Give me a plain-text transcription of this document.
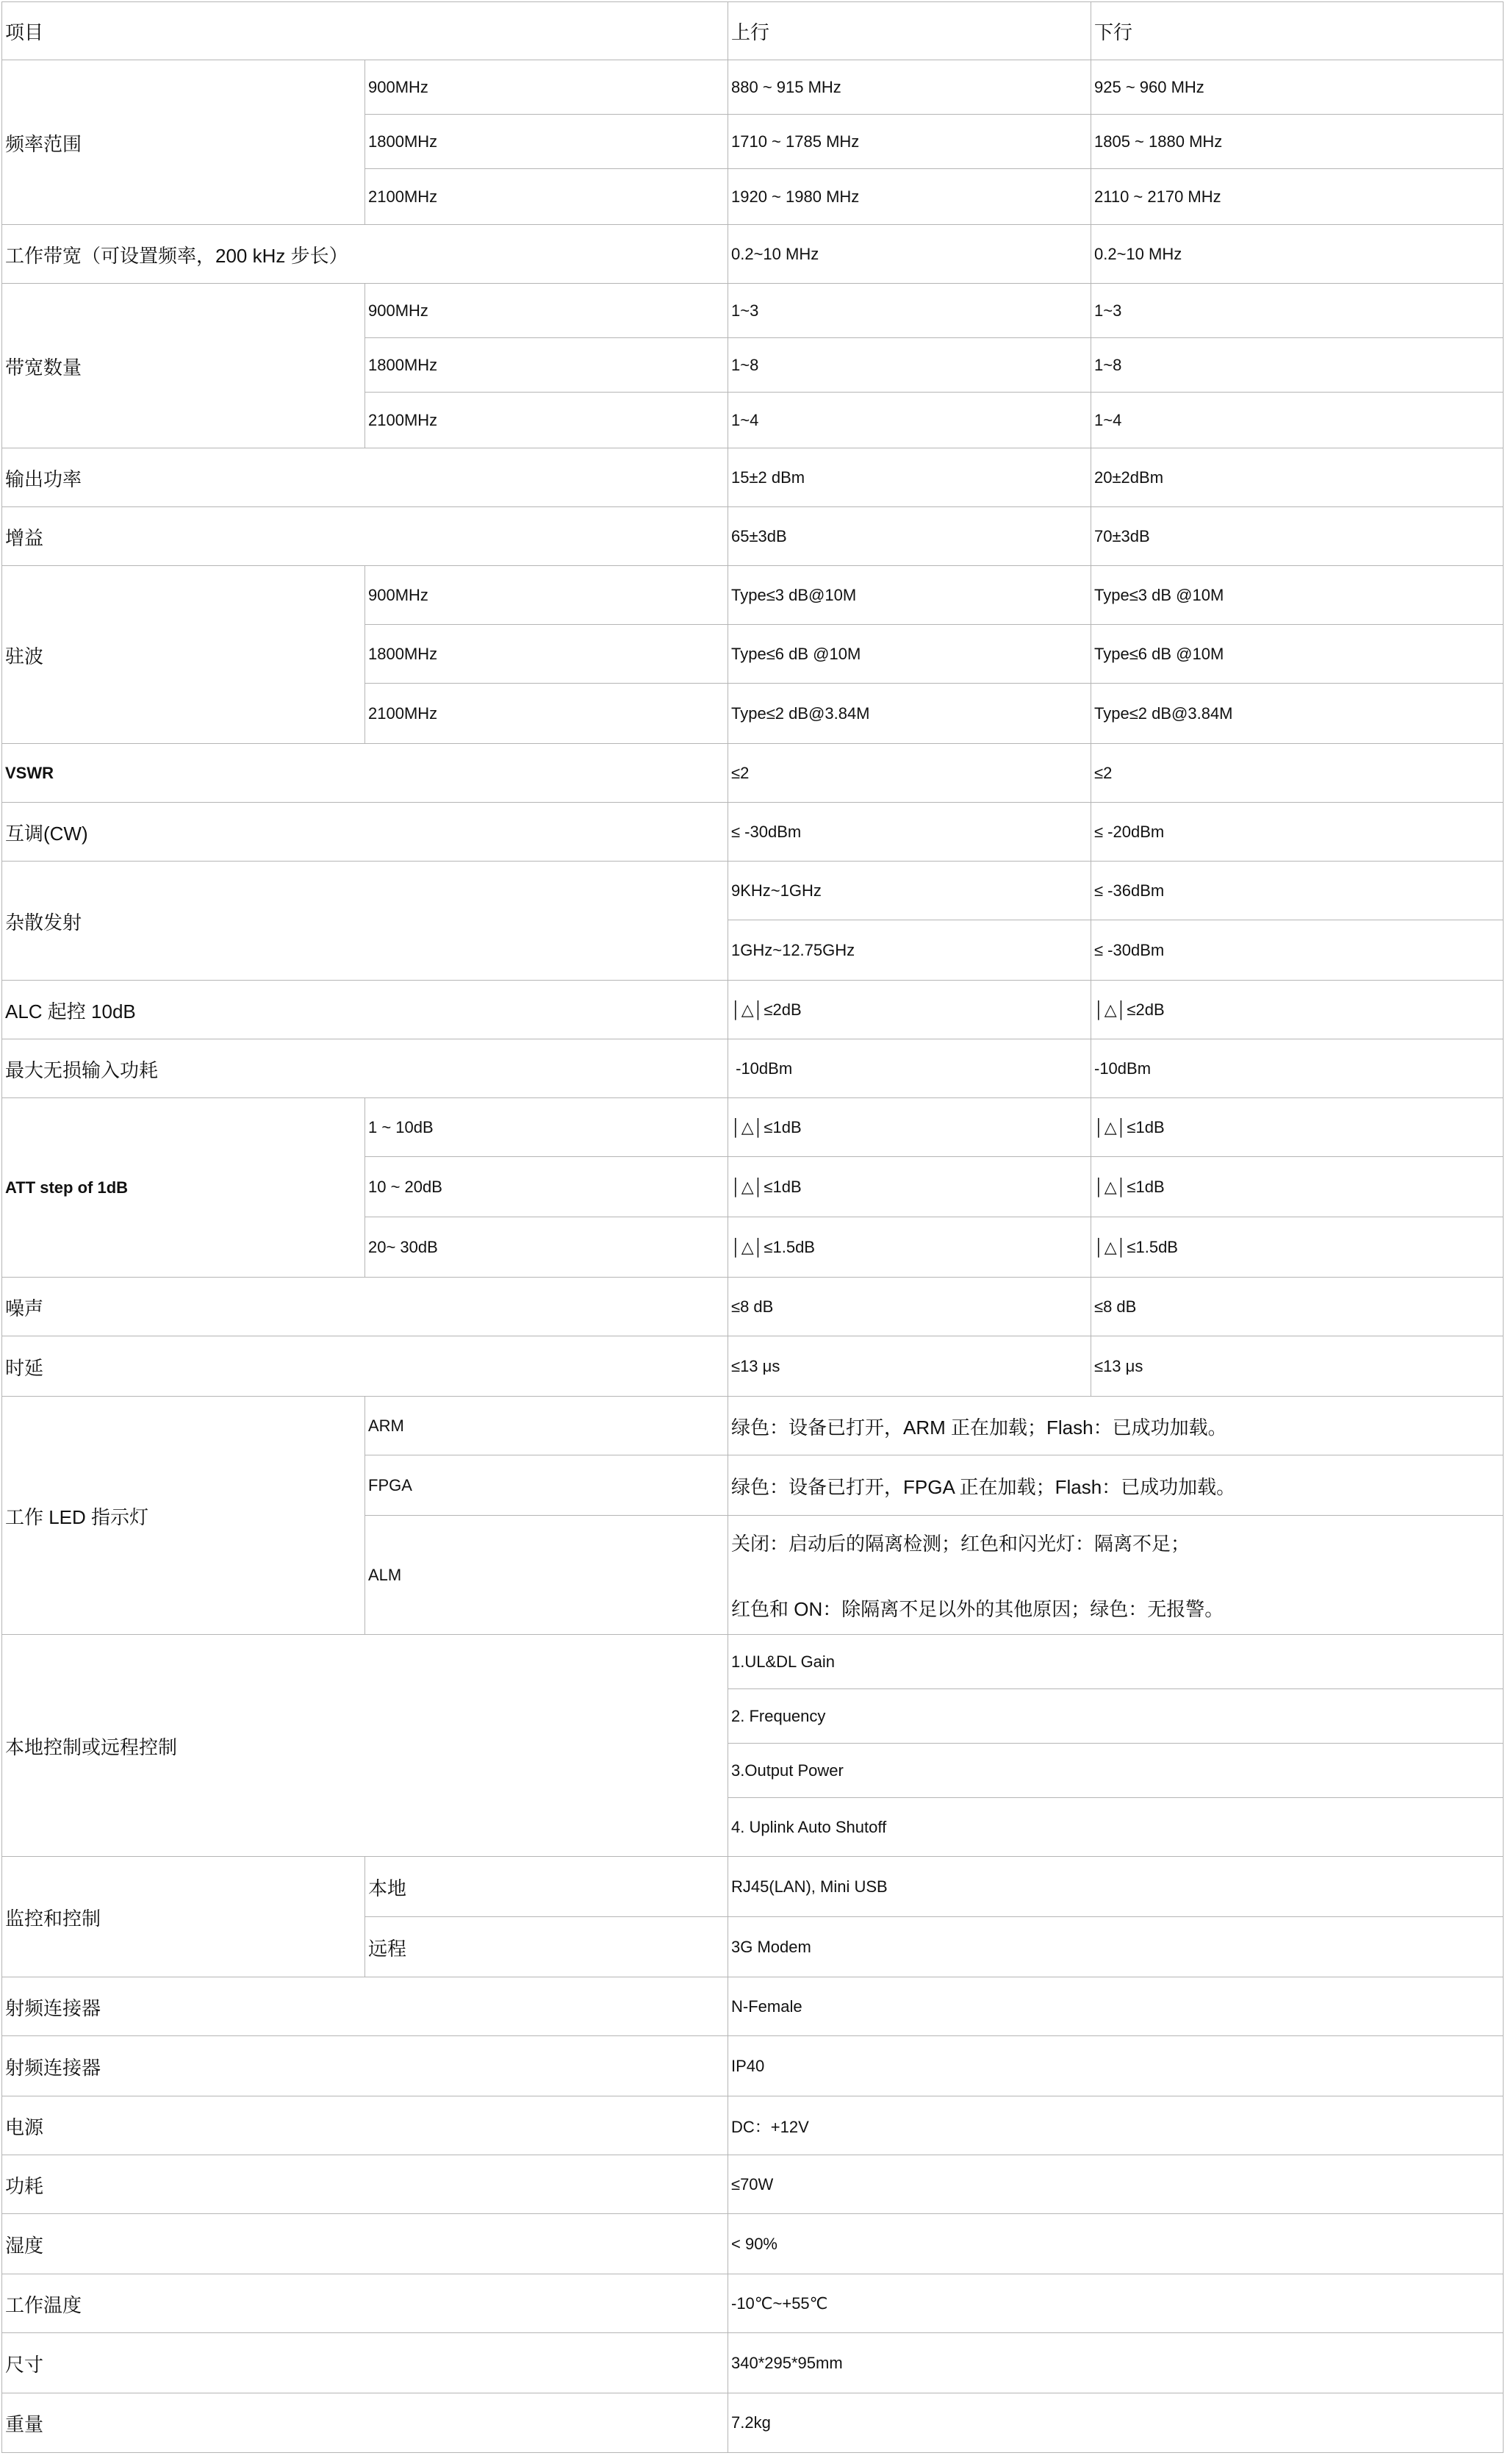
项目	上行	下行
频率范围
900MHz	880 ~ 915 MHz	925 ~ 960 MHz
1800MHz	1710 ~ 1785 MHz	1805 ~ 1880 MHz
2100MHz	1920 ~ 1980 MHz	2110 ~ 2170 MHz
工作带宽（可设置频率，200 kHz 步长）	0.2~10 MHz	0.2~10 MHz
带宽数量
900MHz	1~3	1~3
1800MHz	1~8	1~8
2100MHz	1~4	1~4
输出功率	15±2 dBm	20±2dBm
增益	65±3dB	70±3dB
驻波
900MHz	Type≤3 dB@10M	Type≤3 dB @10M
1800MHz	Type≤6 dB @10M	Type≤6 dB @10M
2100MHz	Type≤2 dB@3.84M	Type≤2 dB@3.84M
VSWR	≤2	≤2
互调(CW)	≤ -30dBm	≤ -20dBm
杂散发射
9KHz~1GHz	≤ -36dBm
1GHz~12.75GHz	≤ -30dBm
ALC 起控 10dB	│△│≤2dB	│△│≤2dB
最大无损输入功耗	-10dBm	-10dBm
ATT step of 1dB
1 ~ 10dB	│△│≤1dB	│△│≤1dB
10 ~ 20dB	│△│≤1dB	│△│≤1dB
20~ 30dB	│△│≤1.5dB	│△│≤1.5dB
噪声	≤8 dB	≤8 dB
时延	≤13 μs	≤13 μs
工作 LED 指示灯
ARM	绿色：设备已打开，ARM 正在加载；Flash：已成功加载。
FPGA	绿色：设备已打开，FPGA 正在加载；Flash：已成功加载。
ALM
关闭：启动后的隔离检测；红色和闪光灯：隔离不足；
红色和 ON：除隔离不足以外的其他原因；绿色：无报警。
本地控制或远程控制
1.UL&DL Gain
2. Frequency
3.Output Power
4. Uplink Auto Shutoff
监控和控制
本地	RJ45(LAN), Mini USB
远程	3G Modem
射频连接器	N-Female
射频连接器	IP40
电源	DC：+12V
功耗	≤70W
湿度	< 90%
工作温度	-10℃~+55℃
尺寸	340*295*95mm
重量	7.2kg
